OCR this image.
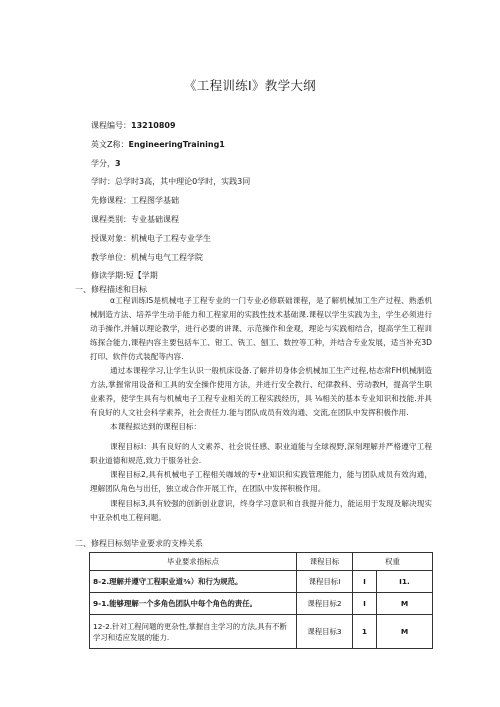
《工程训练Ⅰ》教学大纲
课程编号：13210809
英文Z称：EngineeringTraining1
学分，3
学时：总学时3高，其中理论0学时，实践3同
先修课程：工程图学基础
课程类别：专业基础课程
授课对象：机械电子工程专业学生
教学单位：机械与电气工程学院
修读学期:短【学期
一、修程描述和目标
α工程训练IS是机械电子工程专业的一门专业必修联础课程，是了解机械加工生产过程、熟悉机械制造方法、培养学生动手能力和工程家用的实践性技术基础课.课程以学生实践为主，学生必须进行动手操作,并辅以理论教学，进行必要的讲课、示范操作和金观，理论与实践相结合，提高学生工程训练探合能力,课程内容主要包括车工、钳工、铣工、刨工、数控等工种，并结合专业发展，适当补充3D打印、软件仿式装配等内容.
通过本课程学习,让学生认识一般机床设备.了解并切身体会机械加工生产过程,枯态常FH机械制造方法,掌握常用设备和工具的安全操作使用方法，并进行安全教行、纪律教科、劳动教H，提高学生职业素养，使学生具有与机械电子工程专业相关的工程实践经历，具 ⅛相关的基本专业知识和技能.并具有良好的人文社会科学素养，社会责任力.能与团队成员有效沟通、交流,在团队中发挥积极作用.
本课程拟达到的课程目标：
课程目标I：具有良好的人文素养、社会说任感、职业道能与全球视野,深刻理解并严格遵守工程职业道德和规范,致力于服务社会.
课程目标2,具有机械电子工程相关咖域的专•业知识和实践管理能力，能与团队成员有效沟通，理解团队角色与出任，独立或合作开展工作，在团队中发挥积极作用。
课程目标3,具有较强的创新创业意识，终身学习意识和自我提升能力，能运用于发现及解决现实中亚杂机电工程问题。
二、修程目标刻毕业要求的支棒关系
毕业要求指标点	课程目标	权重	
8-2.理解并遵守工程职业道⅜）和行为规范。	课程目标I	I	I1.
9-1.能够理解一个多角色团队中每个角色的责任。	课程目标2	I	M
12-2.针对工程问题的更杂性,掌握自主学习的方法,具有不断学习和适应发展的能力.	课程目标3	1	M
